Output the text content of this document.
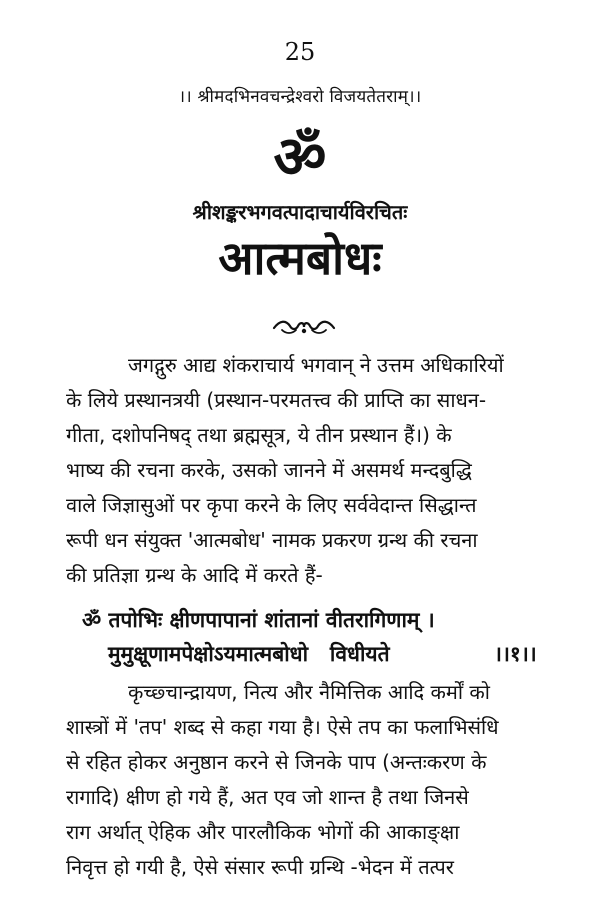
25
।। श्रीमदभिनवचन्द्रेश्वरो विजयतेतराम्।।
ॐ
श्रीशङ्करभगवत्पादाचार्यविरचितः
आत्मबोधः
जगद्गुरु आद्य शंकराचार्य भगवान् ने उत्तम अधिकारियों
के लिये प्रस्थानत्रयी (प्रस्थान-परमतत्त्व की प्राप्ति का साधन-
गीता, दशोपनिषद् तथा ब्रह्मसूत्र, ये तीन प्रस्थान हैं।) के
भाष्य की रचना करके, उसको जानने में असमर्थ मन्दबुद्धि
वाले जिज्ञासुओं पर कृपा करने के लिए सर्ववेदान्त सिद्धान्त
रूपी धन संयुक्त 'आत्मबोध' नामक प्रकरण ग्रन्थ की रचना
की प्रतिज्ञा ग्रन्थ के आदि में करते हैं-
ॐ तपोभिः क्षीणपापानां शांतानां वीतरागिणाम् ।
मुमुक्षूणामपेक्षोऽयमात्मबोधो   विधीयते	।।१।।
कृच्छ्चान्द्रायण, नित्य और नैमित्तिक आदि कर्मों को
शास्त्रों में 'तप' शब्द से कहा गया है। ऐसे तप का फलाभिसंधि
से रहित होकर अनुष्ठान करने से जिनके पाप (अन्तःकरण के
रागादि) क्षीण हो गये हैं, अत एव जो शान्त है तथा जिनसे
राग अर्थात् ऐहिक और पारलौकिक भोगों की आकाङ्क्षा
निवृत्त हो गयी है, ऐसे संसार रूपी ग्रन्थि -भेदन में तत्पर
